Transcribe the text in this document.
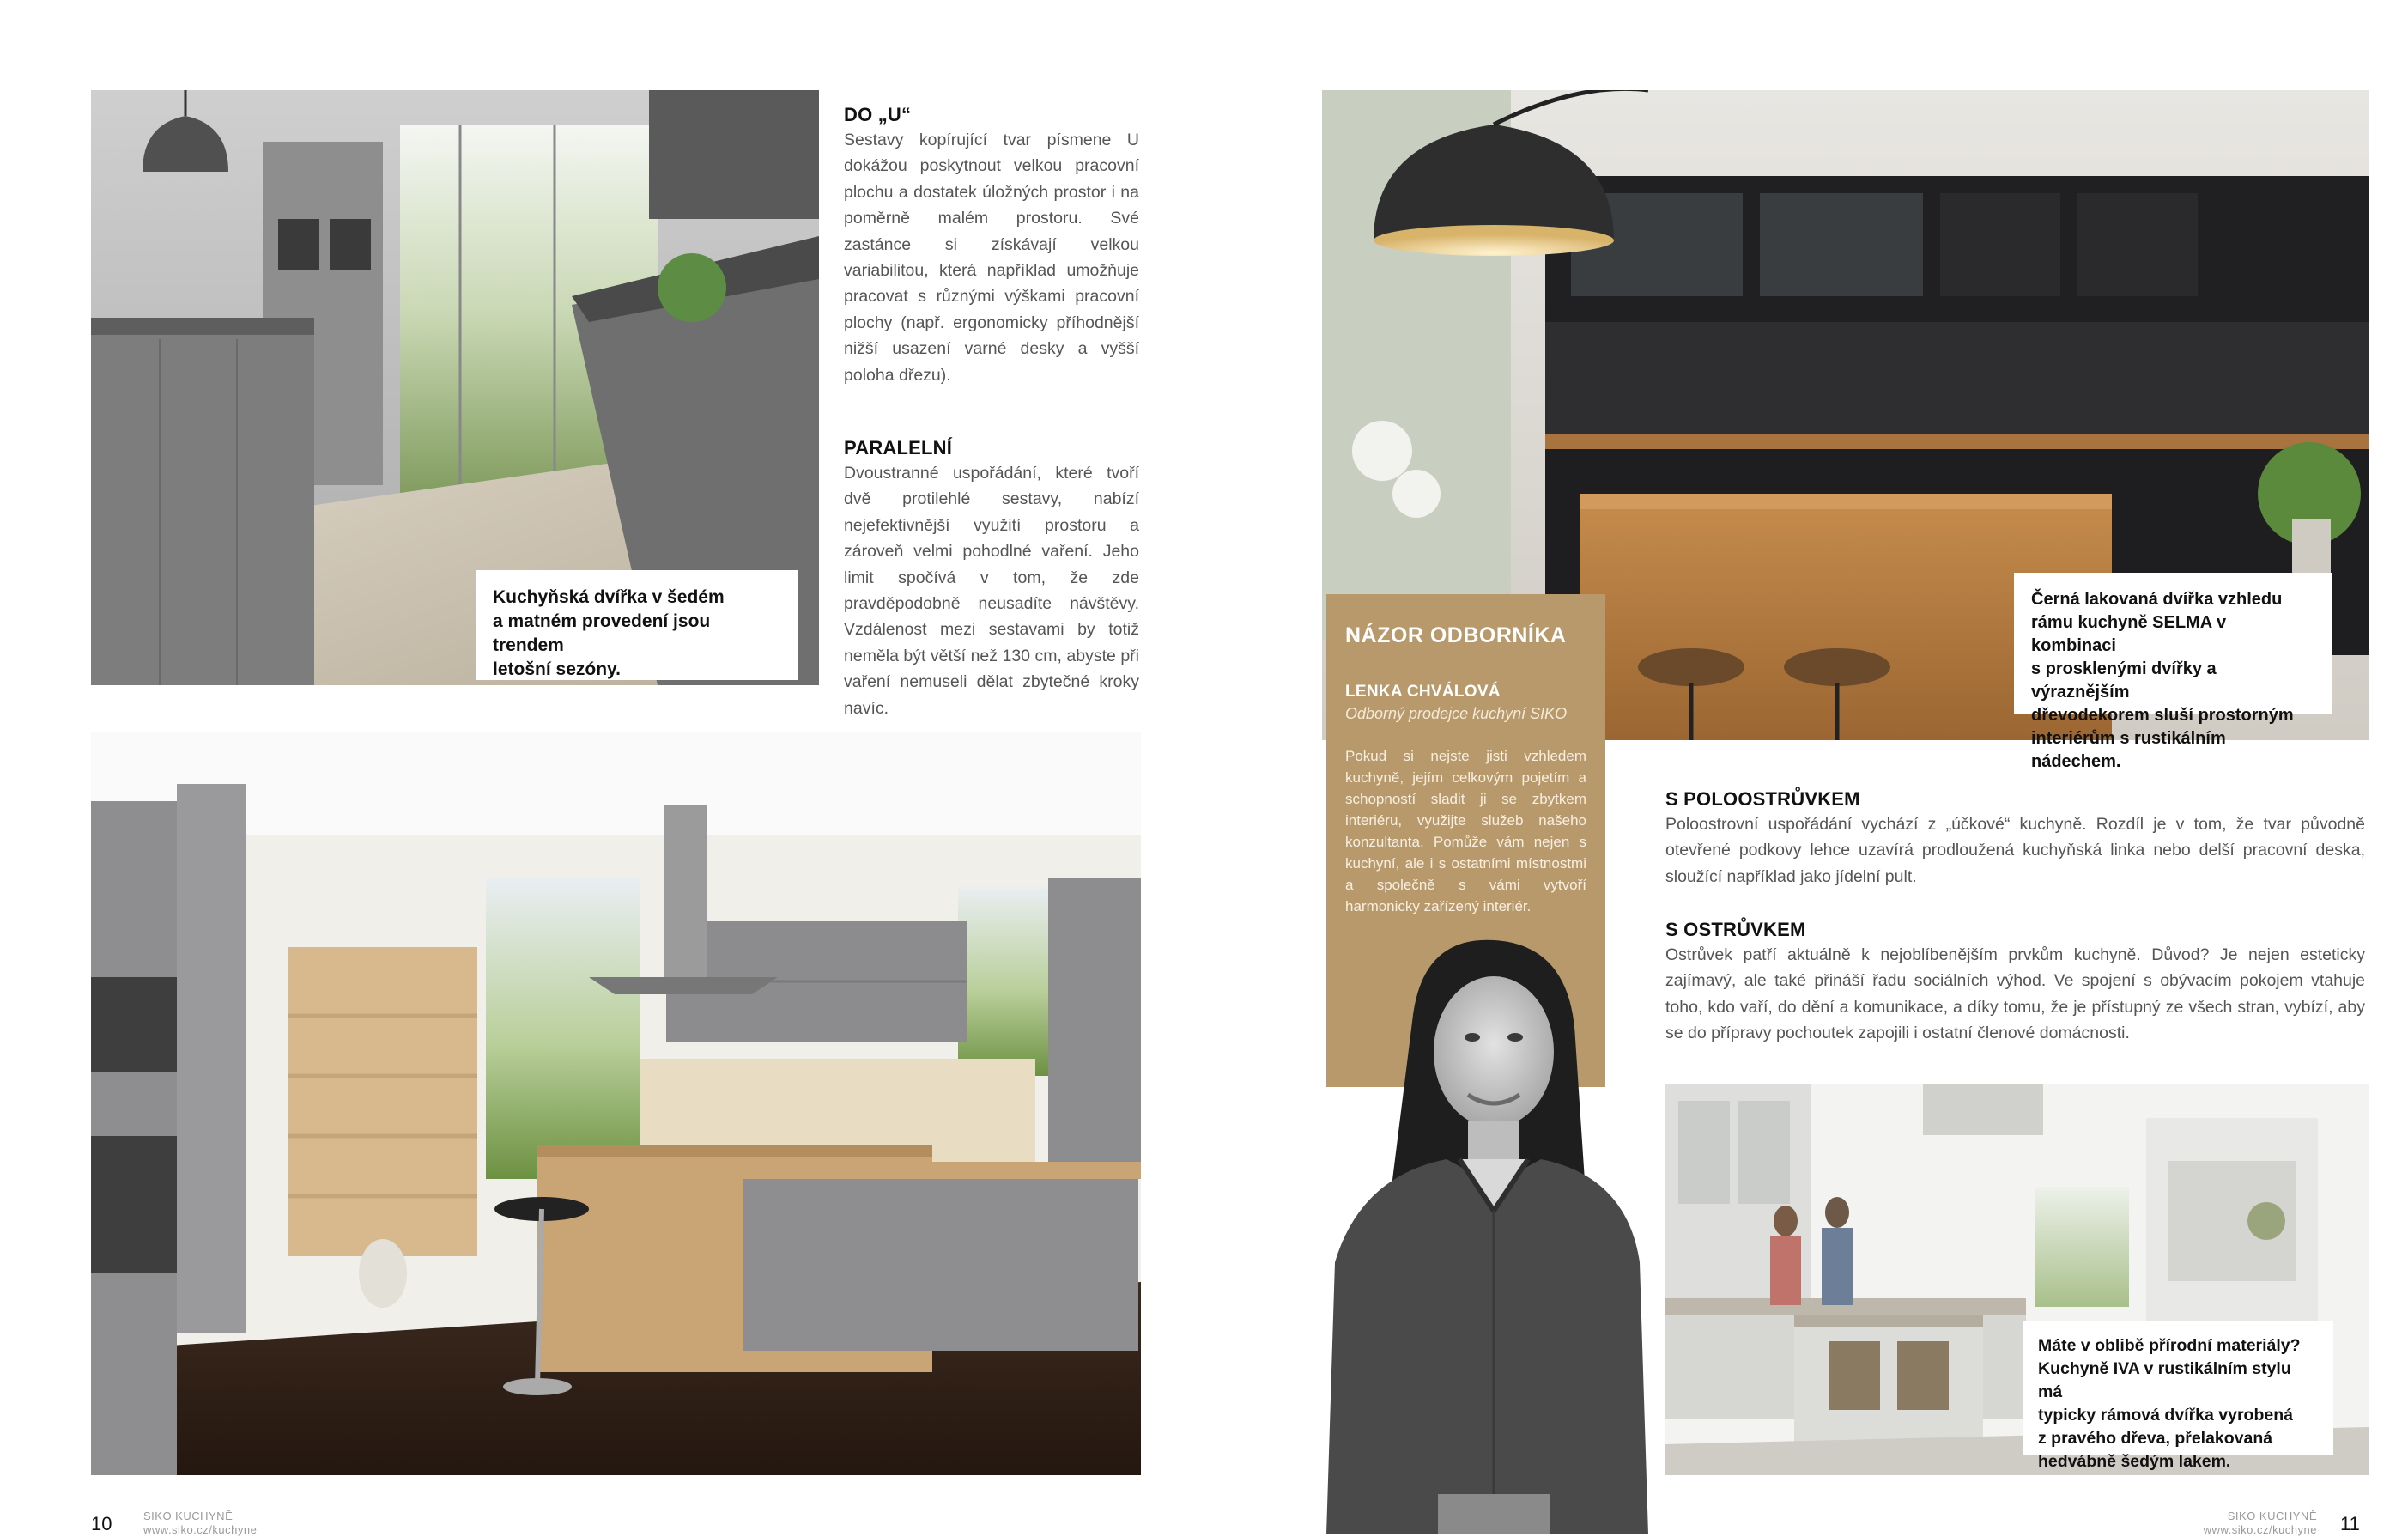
Kuchyňská dvířka v šedém
a matném provedení jsou trendem
letošní sezóny.
DO „U“
Sestavy kopírující tvar písmene U dokážou poskytnout velkou pracovní plochu a dostatek úložných prostor i na poměrně malém prostoru. Své zastánce si získávají velkou variabilitou, která například umožňuje pracovat s různými výškami pracovní plochy (např. ergonomicky příhodnější nižší usazení varné desky a vyšší poloha dřezu).
PARALELNÍ
Dvoustranné uspořádání, které tvoří dvě protilehlé sestavy, nabízí nejefektivnější využití prostoru a zároveň velmi pohodlné vaření. Jeho limit spočívá v tom, že zde pravděpodobně neusadíte návštěvy. Vzdálenost mezi sestavami by totiž neměla být větší než 130 cm, abyste při vaření nemuseli dělat zbytečné kroky navíc.
10	SIKO KUCHYNĚ
www.siko.cz/kuchyne
Černá lakovaná dvířka vzhledu
rámu kuchyně SELMA v kombinaci
s prosklenými dvířky a výraznějším
dřevodekorem sluší prostorným
interiérům s rustikálním nádechem.
NÁZOR ODBORNÍKA
LENKA CHVÁLOVÁ
Odborný prodejce kuchyní SIKO
Pokud si nejste jisti vzhledem kuchyně, jejím celkovým pojetím a schopností sladit ji se zbytkem interiéru, využijte služeb našeho konzultanta. Pomůže vám nejen s kuchyní, ale i s ostatními místnostmi a společně s vámi vytvoří harmonicky zařízený interiér.
S POLOOSTRŮVKEM
Poloostrovní uspořádání vychází z „účkové“ kuchyně. Rozdíl je v tom, že tvar původně otevřené podkovy lehce uzavírá prodloužená kuchyňská linka nebo delší pracovní deska, sloužící například jako jídelní pult.
S OSTRŮVKEM
Ostrůvek patří aktuálně k nejoblíbenějším prvkům kuchyně. Důvod? Je nejen esteticky zajímavý, ale také přináší řadu sociálních výhod. Ve spojení s obývacím pokojem vtahuje toho, kdo vaří, do dění a komunikace, a díky tomu, že je přístupný ze všech stran, vybízí, aby se do přípravy pochoutek zapojili i ostatní členové domácnosti.
Máte v oblibě přírodní materiály?
Kuchyně IVA v rustikálním stylu má
typicky rámová dvířka vyrobená
z pravého dřeva, přelakovaná
hedvábně šedým lakem.
SIKO KUCHYNĚ
www.siko.cz/kuchyne 11
